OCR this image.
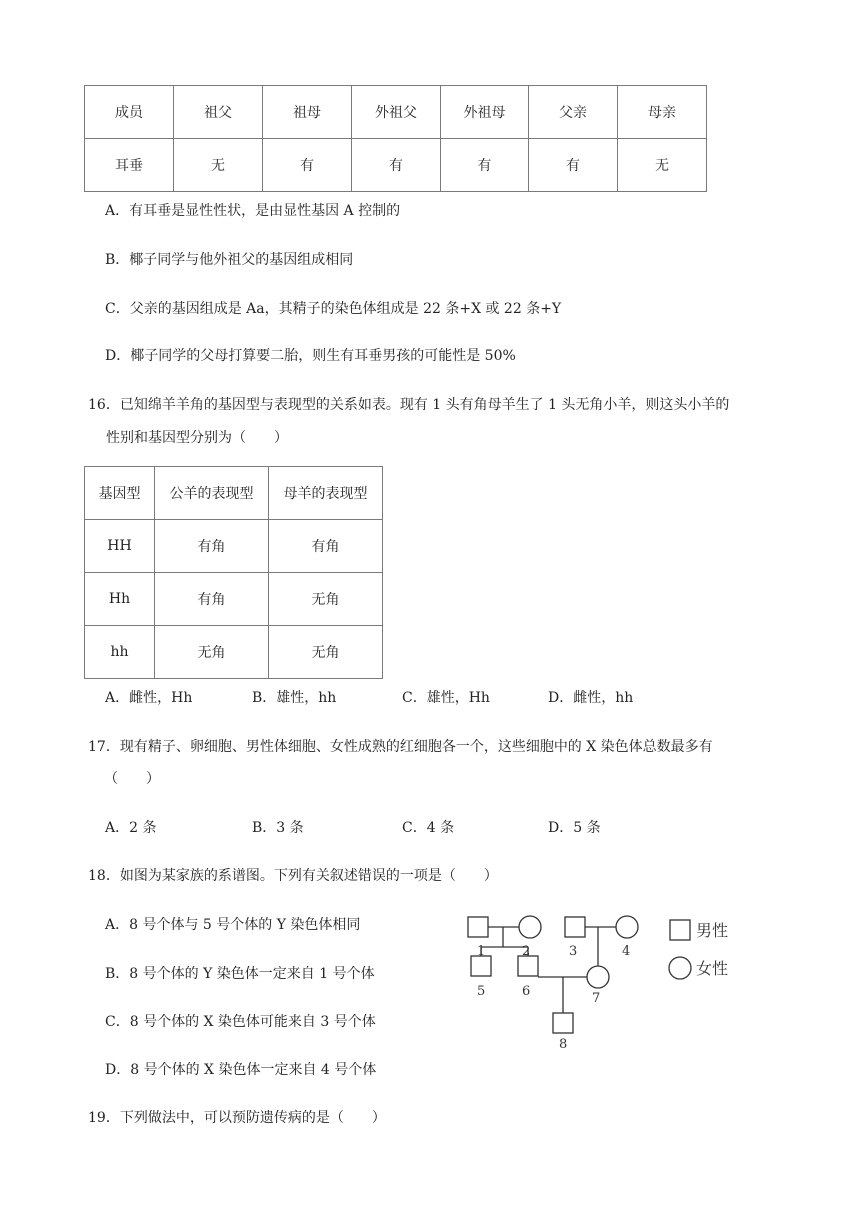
成员	祖父	祖母	外祖父	外祖母	父亲	母亲
耳垂	无	有	有	有	有	无
A．有耳垂是显性性状，是由显性基因 A 控制的
B．椰子同学与他外祖父的基因组成相同
C．父亲的基因组成是 Aa，其精子的染色体组成是 22 条+X 或 22 条+Y
D．椰子同学的父母打算要二胎，则生有耳垂男孩的可能性是 50%
16．已知绵羊羊角的基因型与表现型的关系如表。现有 1 头有角母羊生了 1 头无角小羊，则这头小羊的
性别和基因型分别为（　　）
基因型	公羊的表现型	母羊的表现型
HH	有角	有角
Hh	有角	无角
hh	无角	无角
A．雌性，Hh	B．雄性，hh	C．雄性，Hh	D．雌性，hh
17．现有精子、卵细胞、男性体细胞、女性成熟的红细胞各一个，这些细胞中的 X 染色体总数最多有
（　　）
A．2 条	B．3 条	C．4 条	D．5 条
18．如图为某家族的系谱图。下列有关叙述错误的一项是（　　）
A．8 号个体与 5 号个体的 Y 染色体相同
B．8 号个体的 Y 染色体一定来自 1 号个体
C．8 号个体的 X 染色体可能来自 3 号个体
D．8 号个体的 X 染色体一定来自 4 号个体
1	2	3	4
5	6	7
8
男性
女性
19．下列做法中，可以预防遗传病的是（　　）
